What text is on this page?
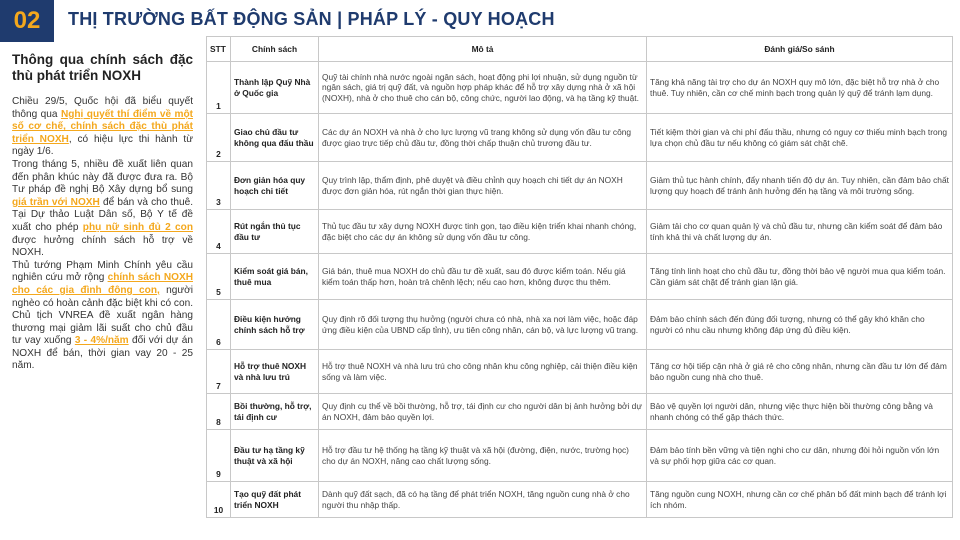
02	THỊ TRƯỜNG BẤT ĐỘNG SẢN | PHÁP LÝ - QUY HOẠCH
Thông qua chính sách đặc thù phát triển NOXH

Chiều 29/5, Quốc hội đã biểu quyết thông qua Nghị quyết thí điểm về một số cơ chế, chính sách đặc thù phát triển NOXH, có hiệu lực thi hành từ ngày 1/6.

Trong tháng 5, nhiều đề xuất liên quan đến phân khúc này đã được đưa ra. Bộ Tư pháp đề nghị Bộ Xây dựng bổ sung giá trần với NOXH để bán và cho thuê. Tại Dự thảo Luật Dân số, Bộ Y tế đề xuất cho phép phụ nữ sinh đủ 2 con được hưởng chính sách hỗ trợ về NOXH.

Thủ tướng Phạm Minh Chính yêu cầu nghiên cứu mở rộng chính sách NOXH cho các gia đình đông con, người nghèo có hoàn cảnh đặc biệt khi có con. Chủ tịch VNREA đề xuất ngân hàng thương mại giảm lãi suất cho chủ đầu tư vay xuống 3 - 4%/năm đối với dự án NOXH để bán, thời gian vay 20 - 25 năm.

STT	Chính sách	Mô tả	Đánh giá/So sánh
1	Thành lập Quỹ Nhà ở Quốc gia	Quỹ tài chính nhà nước ngoài ngân sách, hoạt động phi lợi nhuận, sử dụng nguồn từ ngân sách, giá trị quỹ đất, và nguồn hợp pháp khác để hỗ trợ xây dựng nhà ở xã hội (NOXH), nhà ở cho thuê cho cán bộ, công chức, người lao động, và hạ tầng kỹ thuật.	Tăng khả năng tài trợ cho dự án NOXH quy mô lớn, đặc biệt hỗ trợ nhà ở cho thuê. Tuy nhiên, cần cơ chế minh bạch trong quản lý quỹ để tránh lạm dụng.
2	Giao chủ đầu tư không qua đấu thầu	Các dự án NOXH và nhà ở cho lực lượng vũ trang không sử dụng vốn đầu tư công được giao trực tiếp chủ đầu tư, đồng thời chấp thuận chủ trương đầu tư.	Tiết kiệm thời gian và chi phí đấu thầu, nhưng có nguy cơ thiếu minh bạch trong lựa chọn chủ đầu tư nếu không có giám sát chặt chẽ.
3	Đơn giản hóa quy hoạch chi tiết	Quy trình lập, thẩm định, phê duyệt và điều chỉnh quy hoạch chi tiết dự án NOXH được đơn giản hóa, rút ngắn thời gian thực hiện.	Giảm thủ tục hành chính, đẩy nhanh tiến độ dự án. Tuy nhiên, cần đảm bảo chất lượng quy hoạch để tránh ảnh hưởng đến hạ tầng và môi trường sống.
4	Rút ngắn thủ tục đầu tư	Thủ tục đầu tư xây dựng NOXH được tinh gọn, tạo điều kiện triển khai nhanh chóng, đặc biệt cho các dự án không sử dụng vốn đầu tư công.	Giảm tải cho cơ quan quản lý và chủ đầu tư, nhưng cần kiểm soát để đảm bảo tính khả thi và chất lượng dự án.
5	Kiểm soát giá bán, thuê mua	Giá bán, thuê mua NOXH do chủ đầu tư đề xuất, sau đó được kiểm toán. Nếu giá kiểm toán thấp hơn, hoàn trả chênh lệch; nếu cao hơn, không được thu thêm.	Tăng tính linh hoạt cho chủ đầu tư, đồng thời bảo vệ người mua qua kiểm toán. Cần giám sát chặt để tránh gian lận giá.
6	Điều kiện hưởng chính sách hỗ trợ	Quy định rõ đối tượng thụ hưởng (người chưa có nhà, nhà xa nơi làm việc, hoặc đáp ứng điều kiện của UBND cấp tỉnh), ưu tiên công nhân, cán bộ, và lực lượng vũ trang.	Đảm bảo chính sách đến đúng đối tượng, nhưng có thể gây khó khăn cho người có nhu cầu nhưng không đáp ứng đủ điều kiện.
7	Hỗ trợ thuê NOXH và nhà lưu trú	Hỗ trợ thuê NOXH và nhà lưu trú cho công nhân khu công nghiệp, cải thiện điều kiện sống và làm việc.	Tăng cơ hội tiếp cận nhà ở giá rẻ cho công nhân, nhưng cần đầu tư lớn để đảm bảo nguồn cung nhà cho thuê.
8	Bồi thường, hỗ trợ, tái định cư	Quy định cụ thể về bồi thường, hỗ trợ, tái định cư cho người dân bị ảnh hưởng bởi dự án NOXH, đảm bảo quyền lợi.	Bảo vệ quyền lợi người dân, nhưng việc thực hiện bồi thường công bằng và nhanh chóng có thể gặp thách thức.
9	Đầu tư hạ tầng kỹ thuật và xã hội	Hỗ trợ đầu tư hệ thống hạ tầng kỹ thuật và xã hội (đường, điện, nước, trường học) cho dự án NOXH, nâng cao chất lượng sống.	Đảm bảo tính bền vững và tiện nghi cho cư dân, nhưng đòi hỏi nguồn vốn lớn và sự phối hợp giữa các cơ quan.
10	Tạo quỹ đất phát triển NOXH	Dành quỹ đất sạch, đã có hạ tầng để phát triển NOXH, tăng nguồn cung nhà ở cho người thu nhập thấp.	Tăng nguồn cung NOXH, nhưng cần cơ chế phân bổ đất minh bạch để tránh lợi ích nhóm.
